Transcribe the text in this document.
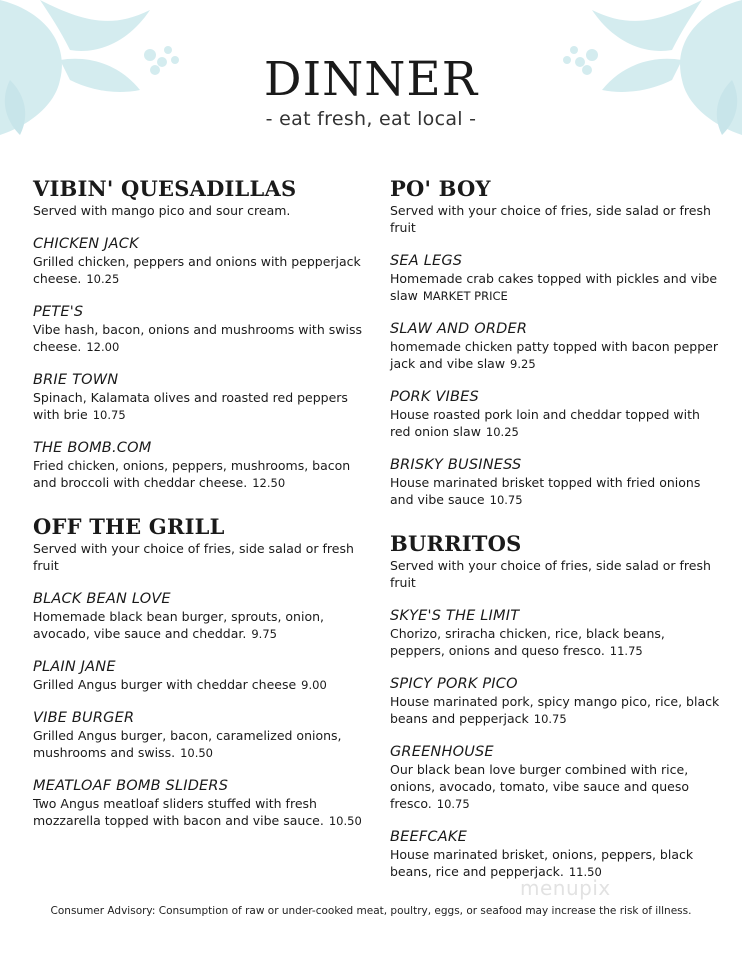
DINNER
- eat fresh, eat local -
VIBIN' QUESADILLAS
Served with mango pico and sour cream.
CHICKEN JACK
Grilled chicken, peppers and onions with pepperjack cheese. 10.25
PETE'S
Vibe hash, bacon, onions and mushrooms with swiss cheese. 12.00
BRIE TOWN
Spinach, Kalamata olives and roasted red peppers with brie 10.75
THE BOMB.COM
Fried chicken, onions, peppers, mushrooms, bacon and broccoli with cheddar cheese. 12.50
OFF THE GRILL
Served with your choice of fries, side salad or fresh fruit
BLACK BEAN LOVE
Homemade black bean burger, sprouts, onion, avocado, vibe sauce and cheddar. 9.75
PLAIN JANE
Grilled Angus burger with cheddar cheese 9.00
VIBE BURGER
Grilled Angus burger, bacon, caramelized onions, mushrooms and swiss. 10.50
MEATLOAF BOMB SLIDERS
Two Angus meatloaf sliders stuffed with fresh mozzarella topped with bacon and vibe sauce. 10.50
PO' BOY
Served with your choice of fries, side salad or fresh fruit
SEA LEGS
Homemade crab cakes topped with pickles and vibe slaw MARKET PRICE
SLAW AND ORDER
homemade chicken patty topped with bacon pepper jack and vibe slaw 9.25
PORK VIBES
House roasted pork loin and cheddar topped with red onion slaw 10.25
BRISKY BUSINESS
House marinated brisket topped with fried onions and vibe sauce 10.75
BURRITOS
Served with your choice of fries, side salad or fresh fruit
SKYE'S THE LIMIT
Chorizo, sriracha chicken, rice, black beans, peppers, onions and queso fresco. 11.75
SPICY PORK PICO
House marinated pork, spicy mango pico, rice, black beans and pepperjack 10.75
GREENHOUSE
Our black bean love burger combined with rice, onions, avocado, tomato, vibe sauce and queso fresco. 10.75
BEEFCAKE
House marinated brisket, onions, peppers, black beans, rice and pepperjack. 11.50
menupix
Consumer Advisory: Consumption of raw or under-cooked meat, poultry, eggs, or seafood may increase the risk of illness.
